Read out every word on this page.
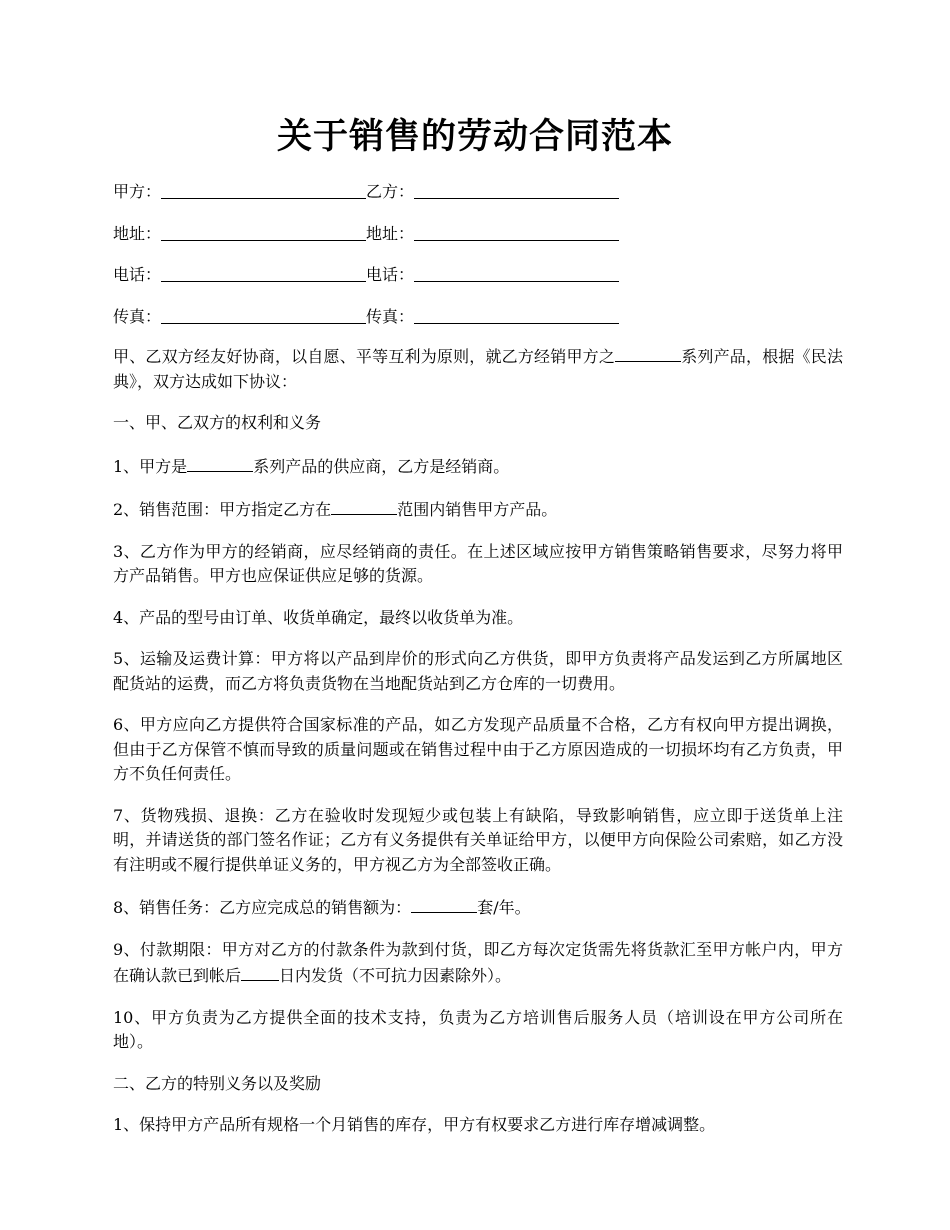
关于销售的劳动合同范本
甲方：	乙方：
地址：	地址：
电话：	电话：
传真：	传真：

甲、乙双方经友好协商，以自愿、平等互利为原则，就乙方经销甲方之	系列产品，根据《民法典》，双方达成如下协议：

一、甲、乙双方的权利和义务

1、甲方是	系列产品的供应商，乙方是经销商。

2、销售范围：甲方指定乙方在	范围内销售甲方产品。

3、乙方作为甲方的经销商，应尽经销商的责任。在上述区域应按甲方销售策略销售要求，尽努力将甲方产品销售。甲方也应保证供应足够的货源。

4、产品的型号由订单、收货单确定，最终以收货单为准。

5、运输及运费计算：甲方将以产品到岸价的形式向乙方供货，即甲方负责将产品发运到乙方所属地区配货站的运费，而乙方将负责货物在当地配货站到乙方仓库的一切费用。

6、甲方应向乙方提供符合国家标准的产品，如乙方发现产品质量不合格，乙方有权向甲方提出调换，但由于乙方保管不慎而导致的质量问题或在销售过程中由于乙方原因造成的一切损坏均有乙方负责，甲方不负任何责任。

7、货物残损、退换：乙方在验收时发现短少或包装上有缺陷，导致影响销售，应立即于送货单上注明，并请送货的部门签名作证；乙方有义务提供有关单证给甲方，以便甲方向保险公司索赔，如乙方没有注明或不履行提供单证义务的，甲方视乙方为全部签收正确。

8、销售任务：乙方应完成总的销售额为：	套/年。

9、付款期限：甲方对乙方的付款条件为款到付货，即乙方每次定货需先将货款汇至甲方帐户内，甲方在确认款已到帐后 日内发货（不可抗力因素除外）。

10、甲方负责为乙方提供全面的技术支持，负责为乙方培训售后服务人员（培训设在甲方公司所在地）。

二、乙方的特别义务以及奖励

1、保持甲方产品所有规格一个月销售的库存，甲方有权要求乙方进行库存增减调整。
